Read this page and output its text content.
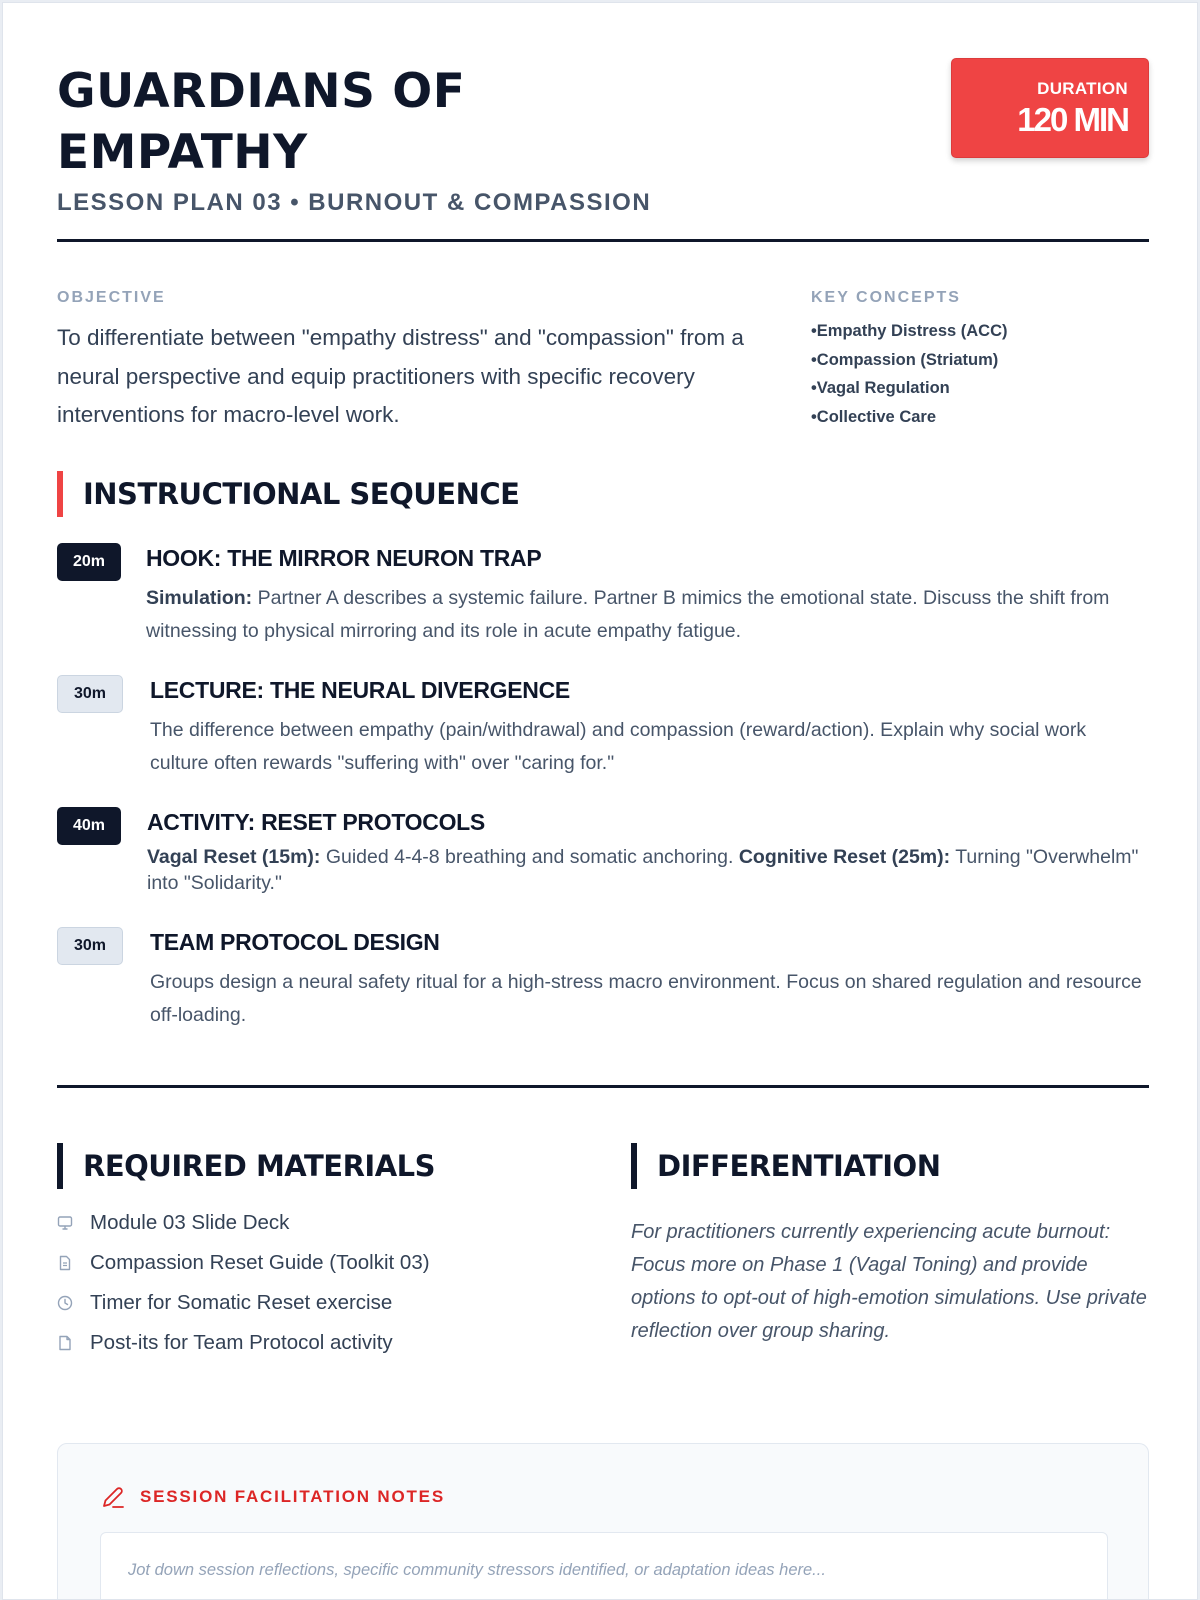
GUARDIANS OF EMPATHY
LESSON PLAN 03 • BURNOUT & COMPASSION
DURATION
120 MIN
OBJECTIVE

To differentiate between "empathy distress" and "compassion" from a neural perspective and equip practitioners with specific recovery interventions for macro-level work.

KEY CONCEPTS
• Empathy Distress (ACC)
• Compassion (Striatum)
• Vagal Regulation
• Collective Care
INSTRUCTIONAL SEQUENCE
20m	HOOK: THE MIRROR NEURON TRAP

Simulation: Partner A describes a systemic failure. Partner B mimics the emotional state. Discuss the shift from witnessing to physical mirroring and its role in acute empathy fatigue.

30m	LECTURE: THE NEURAL DIVERGENCE

The difference between empathy (pain/withdrawal) and compassion (reward/action). Explain why social work culture often rewards "suffering with" over "caring for."

40m	ACTIVITY: RESET PROTOCOLS

Vagal Reset (15m): Guided 4-4-8 breathing and somatic anchoring. Cognitive Reset (25m): Turning "Overwhelm" into "Solidarity."

30m	TEAM PROTOCOL DESIGN

Groups design a neural safety ritual for a high-stress macro environment. Focus on shared regulation and resource off-loading.

REQUIRED MATERIALS
Module 03 Slide Deck
Compassion Reset Guide (Toolkit 03)
Timer for Somatic Reset exercise
Post-its for Team Protocol activity
DIFFERENTIATION

For practitioners currently experiencing acute burnout: Focus more on Phase 1 (Vagal Toning) and provide options to opt-out of high-emotion simulations. Use private reflection over group sharing.

SESSION FACILITATION NOTES
Jot down session reflections, specific community stressors identified, or adaptation ideas here...
